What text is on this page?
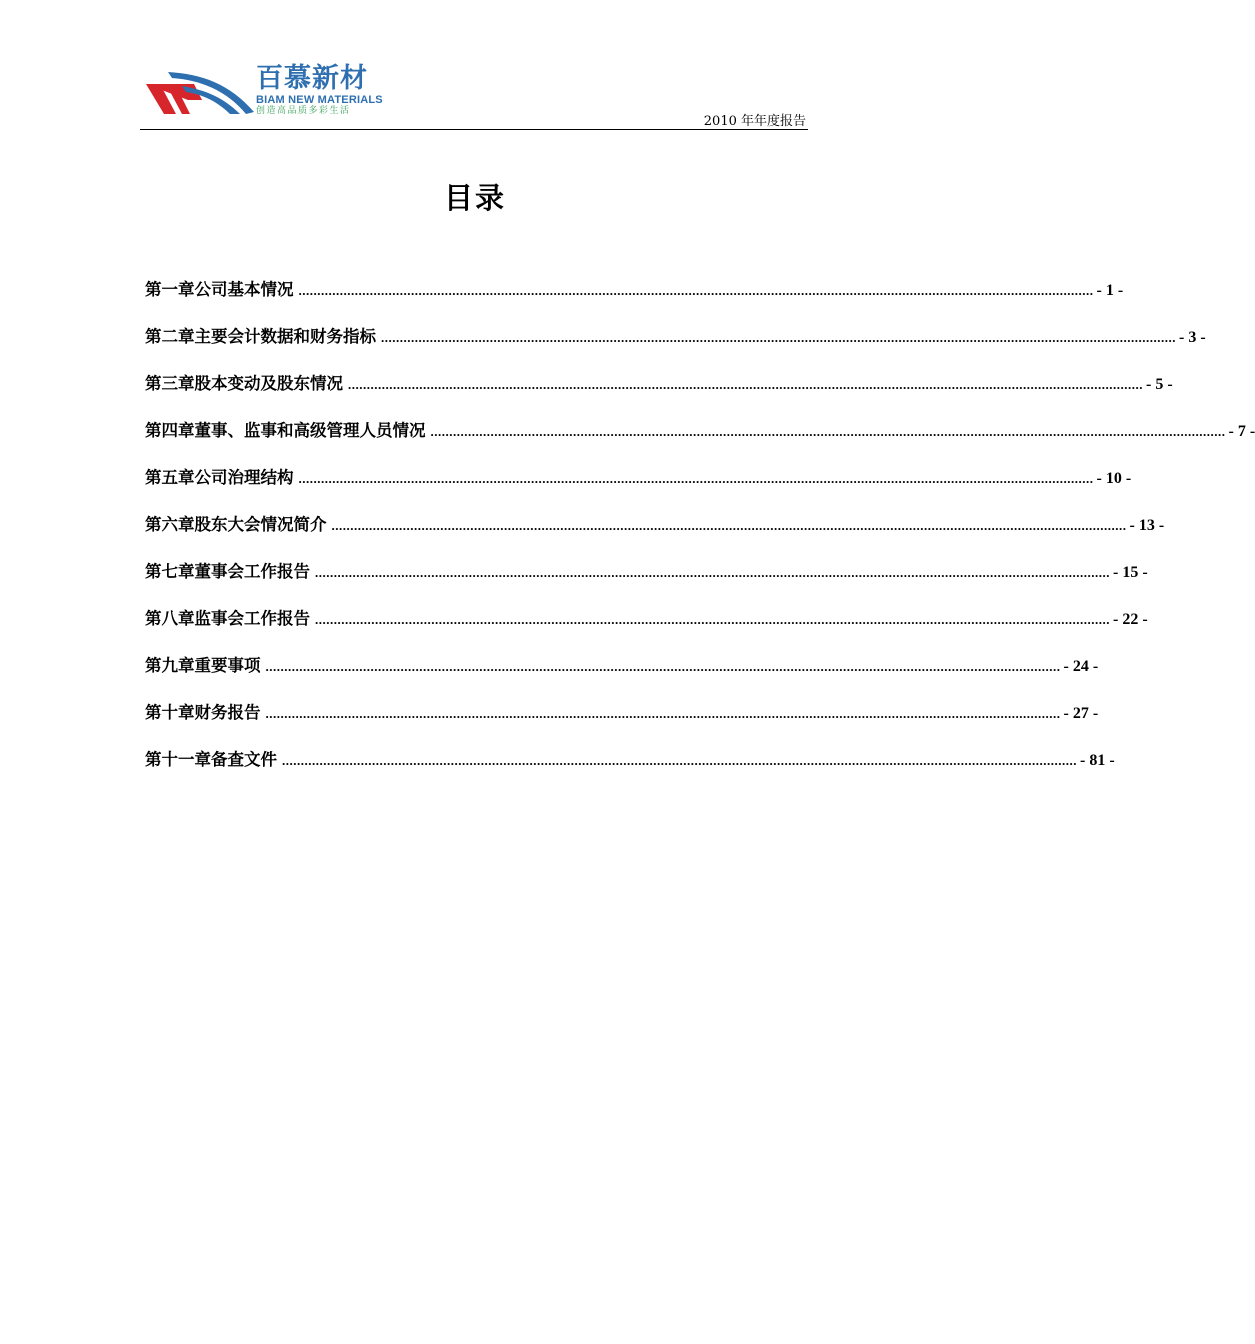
百慕新材
BIAM NEW MATERIALS
创造高品质多彩生活
2010 年年度报告
目录
第一章 公司基本情况 .................................................................................................................................................................................................................... - 1 -
第二章 主要会计数据和财务指标 .................................................................................................................................................................................................................... - 3 -
第三章 股本变动及股东情况 .................................................................................................................................................................................................................... - 5 -
第四章 董事、监事和高级管理人员情况 .................................................................................................................................................................................................................... - 7 -
第五章 公司治理结构 .................................................................................................................................................................................................................... - 10 -
第六章 股东大会情况简介 .................................................................................................................................................................................................................... - 13 -
第七章 董事会工作报告 .................................................................................................................................................................................................................... - 15 -
第八章 监事会工作报告 .................................................................................................................................................................................................................... - 22 -
第九章 重要事项 .................................................................................................................................................................................................................... - 24 -
第十章 财务报告 .................................................................................................................................................................................................................... - 27 -
第十一章 备查文件 .................................................................................................................................................................................................................... - 81 -
